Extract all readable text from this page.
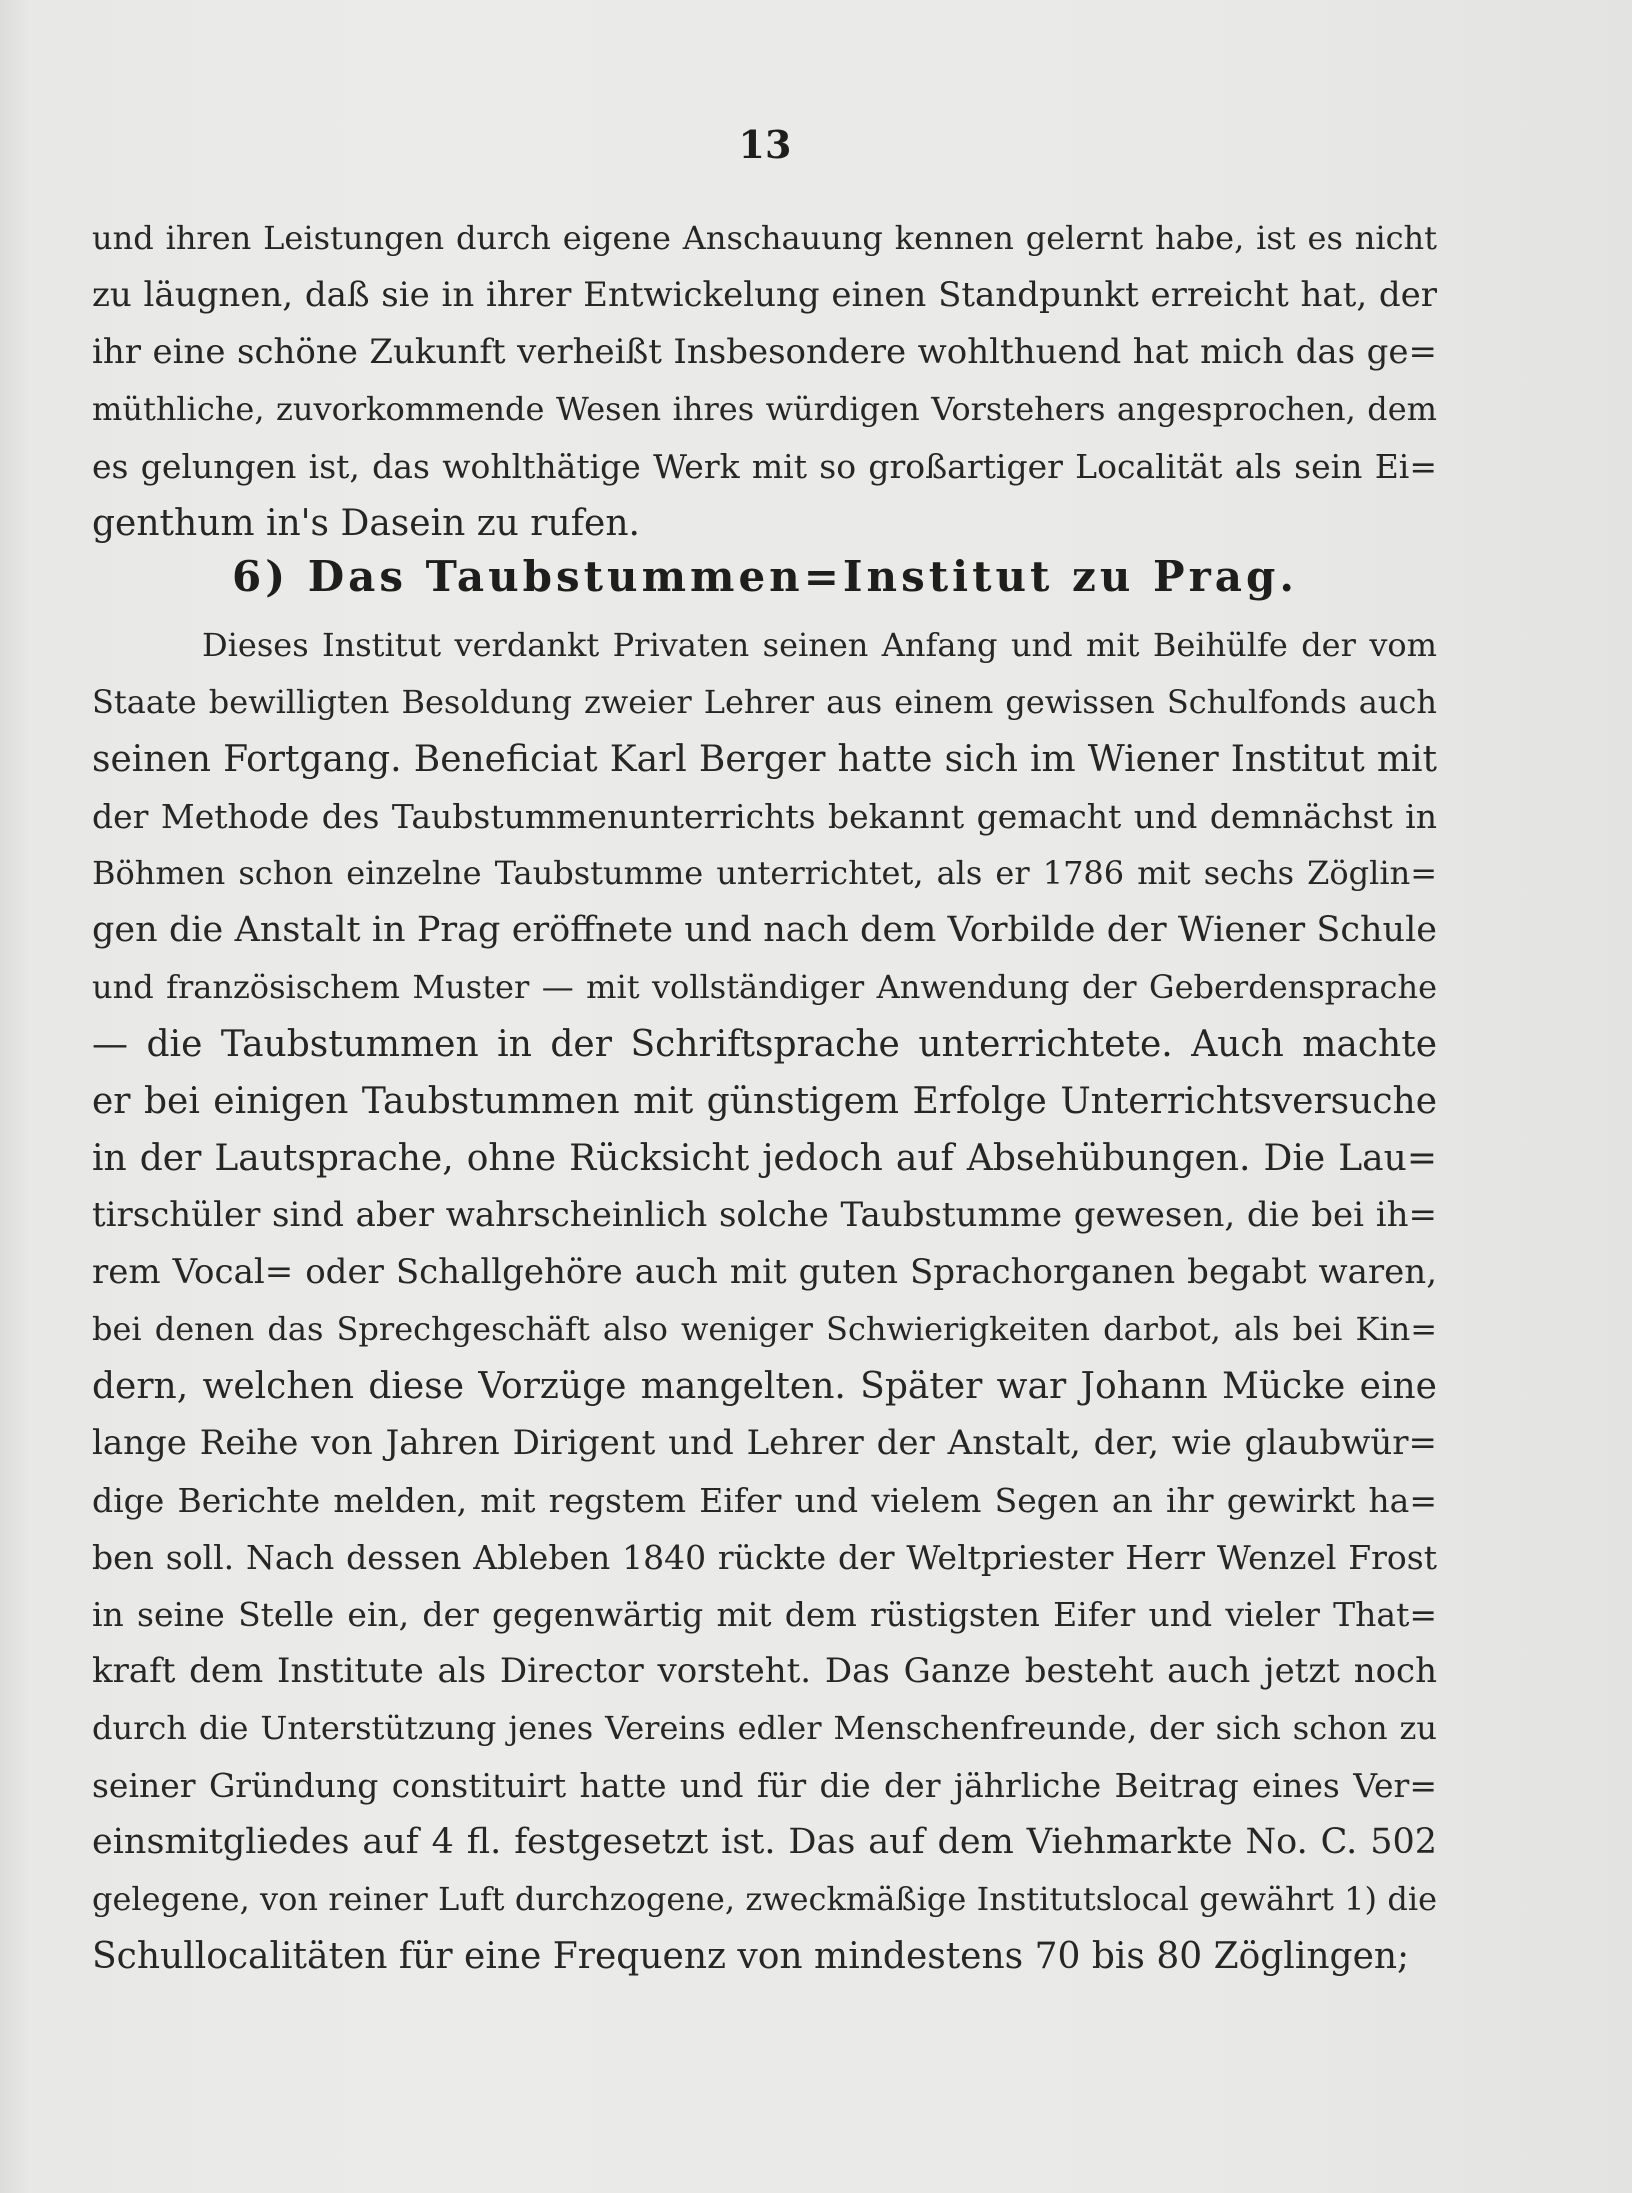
13
und ihren Leistungen durch eigene Anschauung kennen gelernt habe, ist es nicht
zu läugnen, daß sie in ihrer Entwickelung einen Standpunkt erreicht hat, der
ihr eine schöne Zukunft verheißt Insbesondere wohlthuend hat mich das ge=
müthliche, zuvorkommende Wesen ihres würdigen Vorstehers angesprochen, dem
es gelungen ist, das wohlthätige Werk mit so großartiger Localität als sein Ei=
genthum in's Dasein zu rufen.
6) Das Taubstummen=Institut zu Prag.
Dieses Institut verdankt Privaten seinen Anfang und mit Beihülfe der vom
Staate bewilligten Besoldung zweier Lehrer aus einem gewissen Schulfonds auch
seinen Fortgang. Beneficiat Karl Berger hatte sich im Wiener Institut mit
der Methode des Taubstummenunterrichts bekannt gemacht und demnächst in
Böhmen schon einzelne Taubstumme unterrichtet, als er 1786 mit sechs Zöglin=
gen die Anstalt in Prag eröffnete und nach dem Vorbilde der Wiener Schule
und französischem Muster — mit vollständiger Anwendung der Geberdensprache
— die Taubstummen in der Schriftsprache unterrichtete. Auch machte
er bei einigen Taubstummen mit günstigem Erfolge Unterrichtsversuche
in der Lautsprache, ohne Rücksicht jedoch auf Absehübungen. Die Lau=
tirschüler sind aber wahrscheinlich solche Taubstumme gewesen, die bei ih=
rem Vocal= oder Schallgehöre auch mit guten Sprachorganen begabt waren,
bei denen das Sprechgeschäft also weniger Schwierigkeiten darbot, als bei Kin=
dern, welchen diese Vorzüge mangelten. Später war Johann Mücke eine
lange Reihe von Jahren Dirigent und Lehrer der Anstalt, der, wie glaubwür=
dige Berichte melden, mit regstem Eifer und vielem Segen an ihr gewirkt ha=
ben soll. Nach dessen Ableben 1840 rückte der Weltpriester Herr Wenzel Frost
in seine Stelle ein, der gegenwärtig mit dem rüstigsten Eifer und vieler That=
kraft dem Institute als Director vorsteht. Das Ganze besteht auch jetzt noch
durch die Unterstützung jenes Vereins edler Menschenfreunde, der sich schon zu
seiner Gründung constituirt hatte und für die der jährliche Beitrag eines Ver=
einsmitgliedes auf 4 fl. festgesetzt ist. Das auf dem Viehmarkte No. C. 502
gelegene, von reiner Luft durchzogene, zweckmäßige Institutslocal gewährt 1) die
Schullocalitäten für eine Frequenz von mindestens 70 bis 80 Zöglingen;
